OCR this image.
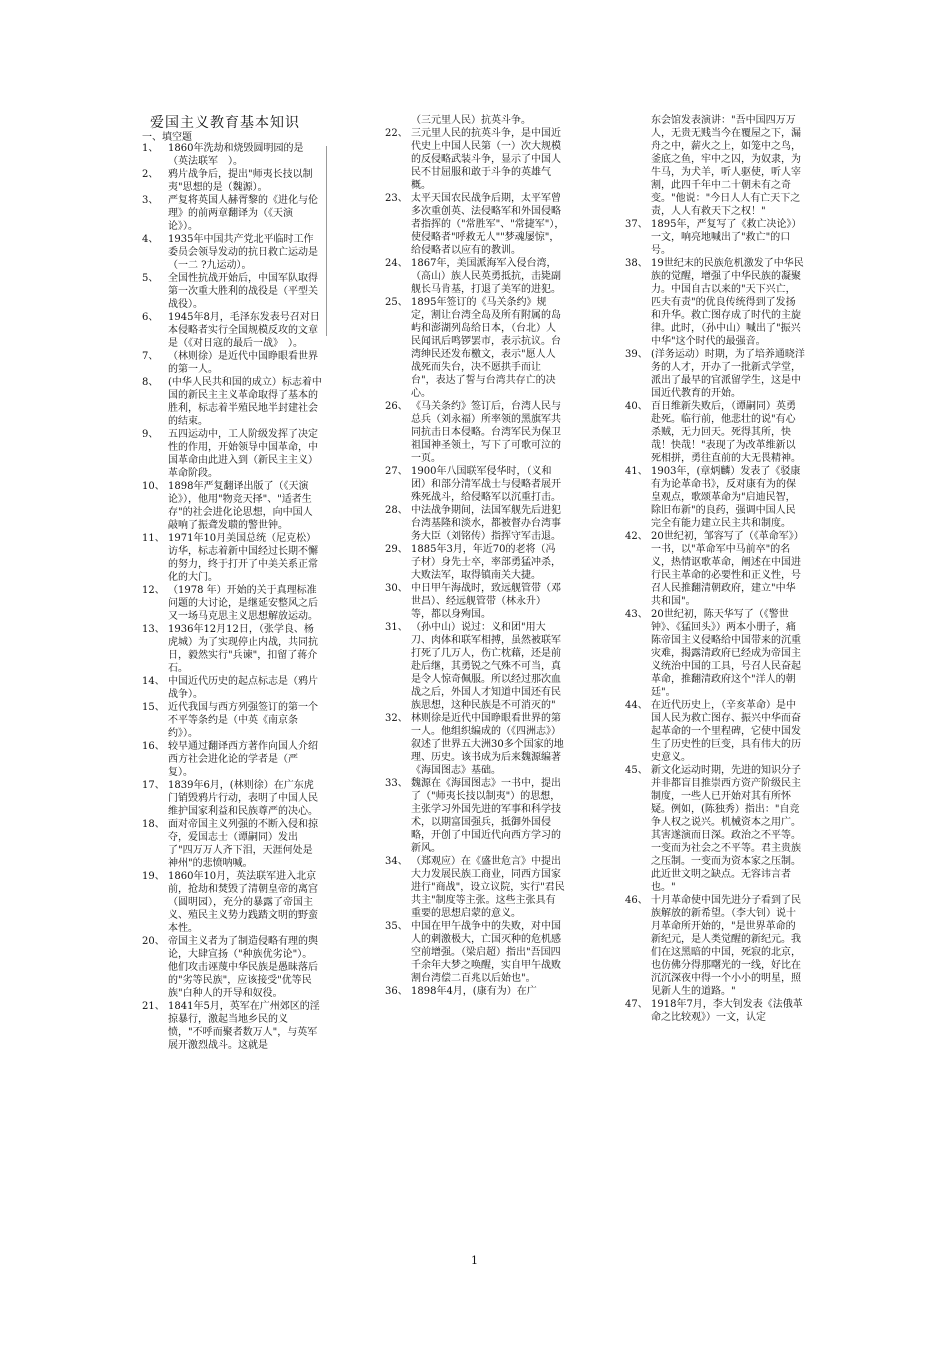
爱国主义教育基本知识
一、填空题
1、 1860年洗劫和烧毁圆明园的是（英法联军　）。
2、 鸦片战争后，提出"师夷长技以制夷"思想的是（魏源）。
3、 严复将英国人赫胥黎的《进化与伦理》的前两章翻译为（《天演论》）。
4、 1935年中国共产党北平临时工作委员会领导发动的抗日救亡运动是（一二 ?九运动）。
5、 全国性抗战开始后，中国军队取得第一次重大胜利的战役是（平型关战役）。
6、 1945年8月，毛泽东发表号召对日本侵略者实行全国规模反攻的文章是（《对日寇的最后一战》　）。
7、 （林则徐）是近代中国睁眼看世界的第一人。
8、 (中华人民共和国的成立）标志着中国的新民主主义革命取得了基本的胜利，标志着半殖民地半封建社会的结束。
9、 五四运动中，工人阶级发挥了决定性的作用，开始领导中国革命，中国革命由此进入到（新民主主义）革命阶段。
10、 1898年严复翻译出版了（《天演论》），他用"物竞天择"、"适者生存"的社会进化论思想，向中国人敲响了振聋发聩的警世钟。
11、 1971年10月美国总统（尼克松）访华，标志着新中国经过长期不懈的努力，终于打开了中美关系正常化的大门。
12、 （1978 年）开始的关于真理标准问题的大讨论，是继延安整风之后又一场马克思主义思想解放运动。
13、 1936年12月12日，（张学良、杨虎城）为了实现停止内战，共同抗日，毅然实行"兵谏"，扣留了蒋介石。
14、 中国近代历史的起点标志是（鸦片战争）。
15、 近代我国与西方列强签订的第一个不平等条约是（中英《南京条约》）。
16、 较早通过翻译西方著作向国人介绍西方社会进化论的学者是（严复）。
17、 1839年6月，(林则徐）在广东虎门销毁鸦片行动，表明了中国人民维护国家利益和民族尊严的决心。
18、 面对帝国主义列强的不断入侵和掠夺，爱国志士（谭嗣同）发出了"四万万人齐下泪，天涯何处是神州"的悲愤呐喊。
19、 1860年10月，英法联军进入北京前，抢劫和焚毁了清朝皇帝的离宫（圆明园），充分的暴露了帝国主义、殖民主义势力践踏文明的野蛮本性。
20、 帝国主义者为了制造侵略有理的舆论，大肆宣扬（"种族优劣论"）。他们攻击诬蔑中华民族是愚昧落后的"劣等民族"，应该接受"优等民族"白种人的开导和奴役。
21、 1841年5月，英军在广州郊区的淫掠暴行，激起当地乡民的义愤，"不呼而聚者数万人"，与英军展开激烈战斗。这就是
（三元里人民）抗英斗争。
22、 三元里人民的抗英斗争，是中国近代史上中国人民第（一）次大规模的反侵略武装斗争，显示了中国人民不甘屈服和敢于斗争的英雄气概。
23、 太平天国农民战争后期，太平军曾多次重创英、法侵略军和外国侵略者指挥的（"常胜军"、"常捷军"），使侵略者"呼救无人""梦魂屡惊"，给侵略者以应有的教训。
24、 1867年，美国派海军入侵台湾，（高山）族人民英勇抵抗，击毙副舰长马肯基，打退了美军的进犯。
25、 1895年签订的《马关条约》规定，割让台湾全岛及所有附属的岛屿和澎湖列岛给日本，（台北）人民闻讯后鸣锣罢市，表示抗议。台湾绅民还发布檄文，表示"愿人人战死而失台，决不愿拱手而让台"，表达了誓与台湾共存亡的决心。
26、 《马关条约》签订后，台湾人民与总兵（刘永福）所率领的黑旗军共同抗击日本侵略。台湾军民为保卫祖国神圣领土，写下了可歌可泣的一页。
27、 1900年八国联军侵华时，（义和团）和部分清军战士与侵略者展开殊死战斗，给侵略军以沉重打击。
28、 中法战争期间，法国军舰先后进犯台湾基隆和淡水，都被督办台湾事务大臣（刘铭传）指挥守军击退。
29、 1885年3月，年近70的老将（冯子材）身先士卒，率部勇猛冲杀，大败法军，取得镇南关大捷。
30、 中日甲午海战时，致远舰管带（邓世昌）、经远舰管带（林永升）等，都以身殉国。
31、 （孙中山）说过：义和团"用大刀、肉体和联军相搏，虽然被联军打死了几万人，伤亡枕藉，还是前赴后继，其勇锐之气殊不可当，真是令人惊奇佩服。所以经过那次血战之后，外国人才知道中国还有民族思想，这种民族是不可消灭的"
32、 林则徐是近代中国睁眼看世界的第一人。他组织编成的（《四洲志》）叙述了世界五大洲30多个国家的地理、历史。该书成为后来魏源编著《海国图志》基础。
33、 魏源在《海国图志》一书中，提出了（"师夷长技以制夷"）的思想，主张学习外国先进的军事和科学技术，以期富国强兵，抵御外国侵略，开创了中国近代向西方学习的新风。
34、 （郑观应）在《盛世危言》中提出大力发展民族工商业，同西方国家进行"商战"，设立议院，实行"君民共主"制度等主张。这些主张具有重要的思想启蒙的意义。
35、 中国在甲午战争中的失败，对中国人的刺激极大，亡国灭种的危机感空前增强。（梁启超）指出"吾国四千余年大梦之唤醒，实自甲午战败割台湾偿二百兆以后始也"。
36、 1898年4月，(康有为）在广
东会馆发表演讲："吾中国四万万人，无贵无贱当今在覆屋之下，漏舟之中，薪火之上，如笼中之鸟，釜底之鱼，牢中之囚，为奴隶，为牛马，为犬羊，听人驱使，听人宰割，此四千年中二十朝未有之奇变。"他说："今日人人有亡天下之责，人人有救天下之权！"
37、 1895年，严复写了《救亡决论》）一文，响亮地喊出了"救亡"的口号。
38、 19世纪末的民族危机激发了中华民族的觉醒，增强了中华民族的凝聚力。中国自古以来的"天下兴亡，匹夫有责"的优良传统得到了发扬和升华。救亡图存成了时代的主旋律。此时，（孙中山）喊出了"振兴中华"这个时代的最强音。
39、 (洋务运动）时期，为了培养通晓洋务的人才，开办了一批新式学堂，派出了最早的官派留学生，这是中国近代教育的开始。
40、 百日维新失败后，（谭嗣同）英勇赴死。临行前，他悲壮的说"有心杀贼，无力回天。死得其所，快哉！快哉！"表现了为改革维新以死相拼，勇往直前的大无畏精神。
41、 1903年，(章炳麟）发表了《驳康有为论革命书》，反对康有为的保皇观点，歌颂革命为"启迪民智，除旧布新"的良药，强调中国人民完全有能力建立民主共和制度。
42、 20世纪初，邹容写了（《革命军》）一书，以"革命军中马前卒"的名义，热情讴歌革命，阐述在中国进行民主革命的必要性和正义性，号召人民推翻清朝政府，建立"中华共和国"。
43、 20世纪初，陈天华写了（《警世钟》、《猛回头》）两本小册子，痛陈帝国主义侵略给中国带来的沉重灾难，揭露清政府已经成为帝国主义统治中国的工具，号召人民奋起革命，推翻清政府这个"洋人的朝廷"。
44、 在近代历史上，（辛亥革命）是中国人民为救亡图存、振兴中华而奋起革命的一个里程碑，它使中国发生了历史性的巨变，具有伟大的历史意义。
45、 新文化运动时期，先进的知识分子并非都盲目推崇西方资产阶级民主制度，一些人已开始对其有所怀疑。例如，(陈独秀）指出："自竞争人权之说兴。机械资本之用广。其害遂演而日深。政治之不平等。一变而为社会之不平等。君主贵族之压制。一变而为资本家之压制。此近世文明之缺点。无容讳言者也。"
46、 十月革命使中国先进分子看到了民族解放的新希望。（李大钊）说十月革命所开始的，"是世界革命的新纪元，是人类觉醒的新纪元。我们在这黑暗的中国，死寂的北京，也仿佛分得那曙光的一线，好比在沉沉深夜中得一个小小的明星，照见新人生的道路。"
47、 1918年7月，李大钊发表《法俄革命之比较观》）一文，认定
1
